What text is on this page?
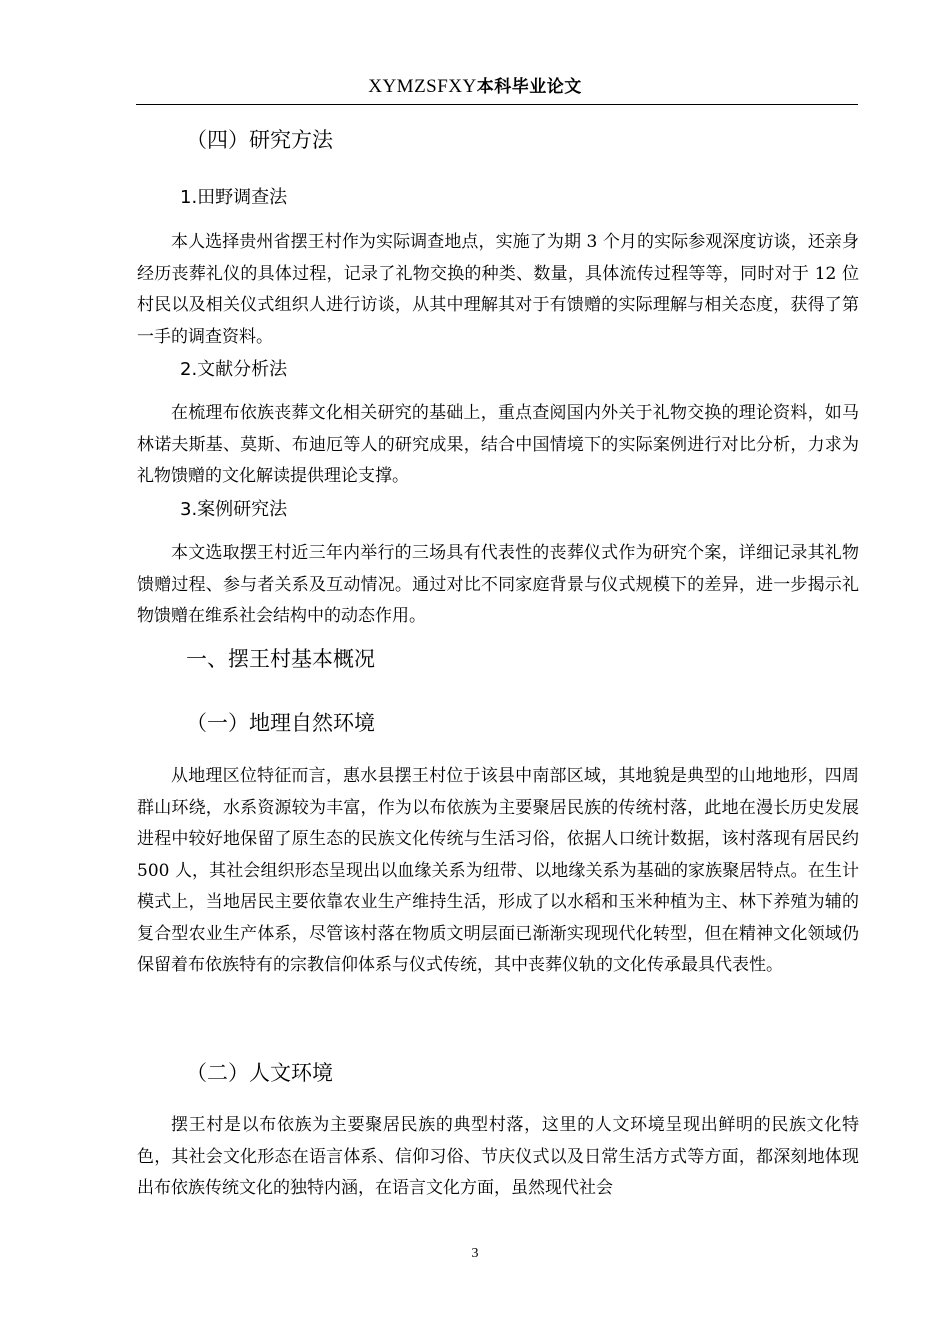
XYMZSFXY本科毕业论文
（四）研究方法
1.田野调查法

本人选择贵州省摆王村作为实际调查地点，实施了为期 3 个月的实际参观深度访谈，还亲身经历丧葬礼仪的具体过程，记录了礼物交换的种类、数量，具体流传过程等等，同时对于 12 位村民以及相关仪式组织人进行访谈，从其中理解其对于有馈赠的实际理解与相关态度，获得了第一手的调查资料。

2.文献分析法

在梳理布依族丧葬文化相关研究的基础上，重点查阅国内外关于礼物交换的理论资料，如马林诺夫斯基、莫斯、布迪厄等人的研究成果，结合中国情境下的实际案例进行对比分析，力求为礼物馈赠的文化解读提供理论支撑。

3.案例研究法

本文选取摆王村近三年内举行的三场具有代表性的丧葬仪式作为研究个案，详细记录其礼物馈赠过程、参与者关系及互动情况。通过对比不同家庭背景与仪式规模下的差异，进一步揭示礼物馈赠在维系社会结构中的动态作用。

一、摆王村基本概况
（一）地理自然环境

从地理区位特征而言，惠水县摆王村位于该县中南部区域，其地貌是典型的山地地形，四周群山环绕，水系资源较为丰富，作为以布依族为主要聚居民族的传统村落，此地在漫长历史发展进程中较好地保留了原生态的民族文化传统与生活习俗，依据人口统计数据，该村落现有居民约 500 人，其社会组织形态呈现出以血缘关系为纽带、以地缘关系为基础的家族聚居特点。在生计模式上，当地居民主要依靠农业生产维持生活，形成了以水稻和玉米种植为主、林下养殖为辅的复合型农业生产体系，尽管该村落在物质文明层面已渐渐实现现代化转型，但在精神文化领域仍保留着布依族特有的宗教信仰体系与仪式传统，其中丧葬仪轨的文化传承最具代表性。

（二）人文环境

摆王村是以布依族为主要聚居民族的典型村落，这里的人文环境呈现出鲜明的民族文化特色，其社会文化形态在语言体系、信仰习俗、节庆仪式以及日常生活方式等方面，都深刻地体现出布依族传统文化的独特内涵，在语言文化方面，虽然现代社会

3
